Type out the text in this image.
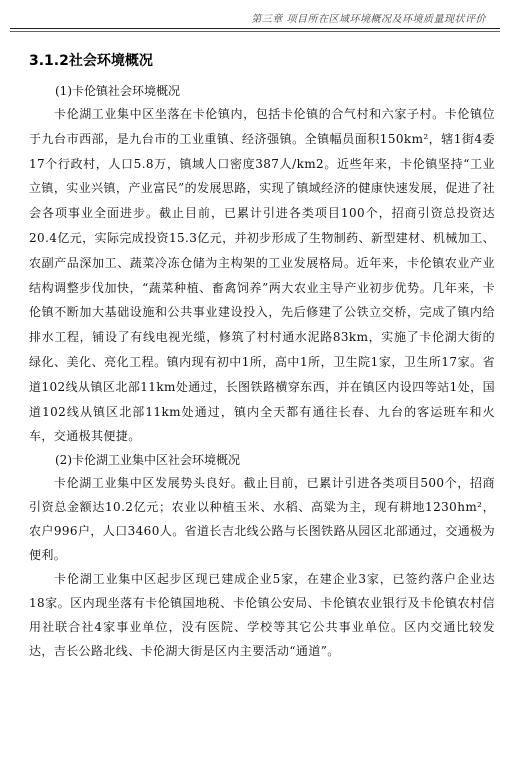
第三章 项目所在区域环境概况及环境质量现状评价
3.1.2社会环境概况
(1)卡伦镇社会环境概况

卡伦湖工业集中区坐落在卡伦镇内，包括卡伦镇的合气村和六家子村。卡伦镇位于九台市西部，是九台市的工业重镇、经济强镇。全镇幅员面积150km²，辖1街4委17个行政村，人口5.8万，镇域人口密度387人/km2。近些年来，卡伦镇坚持“工业立镇，实业兴镇，产业富民”的发展思路，实现了镇域经济的健康快速发展，促进了社会各项事业全面进步。截止目前，已累计引进各类项目100个，招商引资总投资达20.4亿元，实际完成投资15.3亿元，并初步形成了生物制药、新型建材、机械加工、农副产品深加工、蔬菜冷冻仓储为主构架的工业发展格局。近年来，卡伦镇农业产业结构调整步伐加快，“蔬菜种植、畜禽饲养”两大农业主导产业初步优势。几年来，卡伦镇不断加大基础设施和公共事业建设投入，先后修建了公铁立交桥，完成了镇内给排水工程，铺设了有线电视光缆，修筑了村村通水泥路83km，实施了卡伦湖大街的绿化、美化、亮化工程。镇内现有初中1所，高中1所，卫生院1家，卫生所17家。省道102线从镇区北部11km处通过，长图铁路横穿东西，并在镇区内设四等站1处，国道102线从镇区北部11km处通过，镇内全天都有通往长春、九台的客运班车和火车，交通极其便捷。

(2)卡伦湖工业集中区社会环境概况

卡伦湖工业集中区发展势头良好。截止目前，已累计引进各类项目500个，招商引资总金额达10.2亿元；农业以种植玉米、水稻、高粱为主，现有耕地1230hm²，农户996户，人口3460人。省道长吉北线公路与长图铁路从园区北部通过，交通极为便利。

卡伦湖工业集中区起步区现已建成企业5家，在建企业3家，已签约落户企业达18家。区内现坐落有卡伦镇国地税、卡伦镇公安局、卡伦镇农业银行及卡伦镇农村信用社联合社4家事业单位，没有医院、学校等其它公共事业单位。区内交通比较发达，吉长公路北线、卡伦湖大街是区内主要活动“通道”。
